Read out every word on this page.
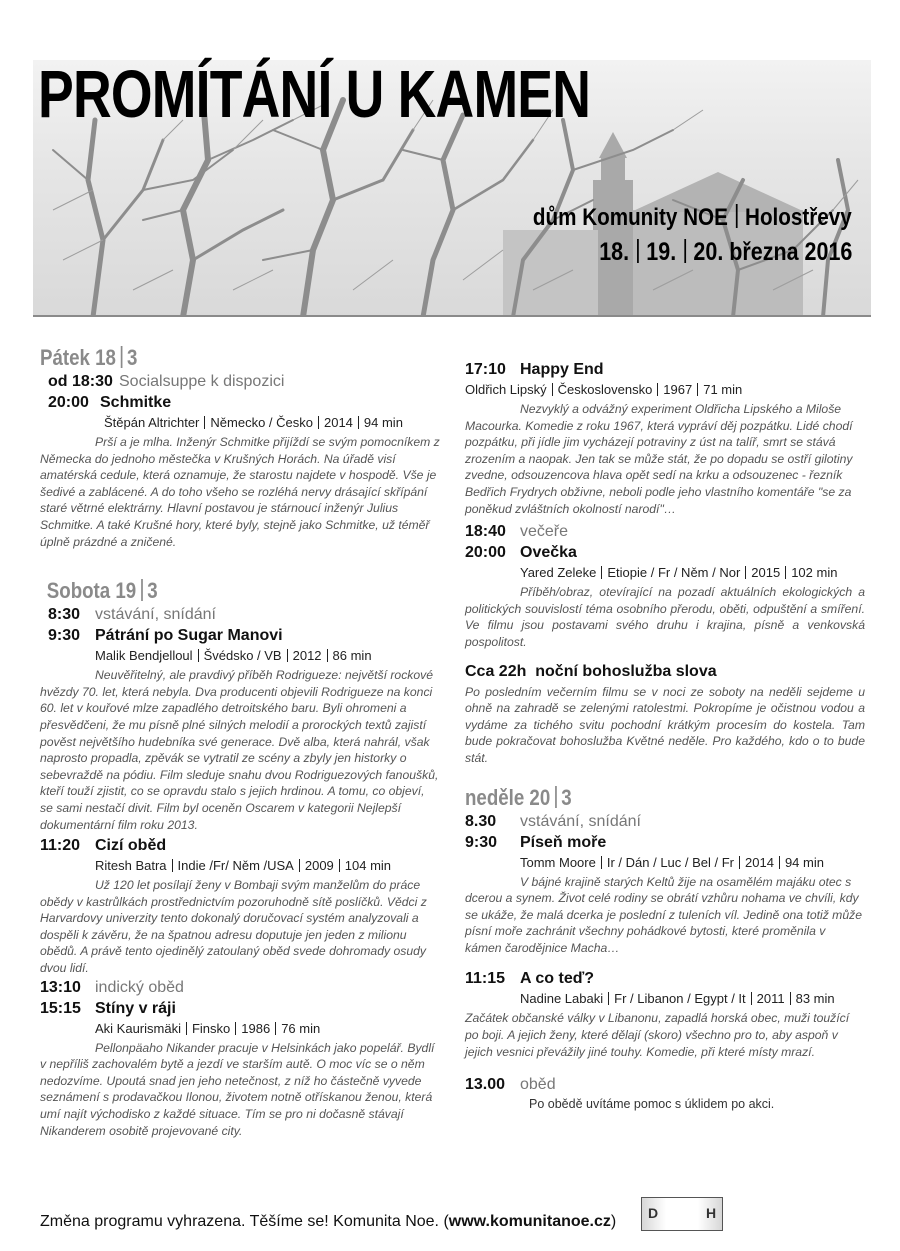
PROMÍTÁNÍ U KAMEN
dům Komunity NOE Holostřevy
18. 19. 20. března 2016
Pátek 18 3
od 18:30 Socialsuppe k dispozici
20:00 Schmitke
Štěpán Altrichter Německo / Česko 2014 94 min
Prší a je mlha. Inženýr Schmitke přijíždí se svým pomocníkem z Německa do jednoho městečka v Krušných Horách. Na úřadě visí amatérská cedule, která oznamuje, že starostu najdete v hospodě. Vše je šedivé a zablácené. A do toho všeho se rozléhá nervy drásající skřípání staré větrné elektrárny. Hlavní postavou je stárnoucí inženýr Julius Schmitke. A také Krušné hory, které byly, stejně jako Schmitke, už téměř úplně prázdné a zničené.
Sobota 19 3
8:30 vstávání, snídání
9:30 Pátrání po Sugar Manovi
Malik Bendjelloul Švédsko / VB 2012 86 min
Neuvěřitelný, ale pravdivý příběh Rodrigueze: největší rockové hvězdy 70. let, která nebyla. Dva producenti objevili Rodrigueze na konci 60. let v kouřové mlze zapadlého detroitského baru. Byli ohromeni a přesvědčeni, že mu písně plné silných melodií a prorockých textů zajistí pověst největšího hudebníka své generace. Dvě alba, která nahrál, však naprosto propadla, zpěvák se vytratil ze scény a zbyly jen historky o sebevraždě na pódiu. Film sleduje snahu dvou Rodriguezových fanoušků, kteří touží zjistit, co se opravdu stalo s jejich hrdinou. A tomu, co objeví, se sami nestačí divit. Film byl oceněn Oscarem v kategorii Nejlepší dokumentární film roku 2013.
11:20 Cizí oběd
Ritesh Batra Indie /Fr/ Něm /USA 2009 104 min
Už 120 let posílají ženy v Bombaji svým manželům do práce obědy v kastrůlkách prostřednictvím pozoruhodně sítě poslíčků. Vědci z Harvardovy univerzity tento dokonalý doručovací systém analyzovali a dospěli k závěru, že na špatnou adresu doputuje jen jeden z milionu obědů. A právě tento ojedinělý zatoulaný oběd svede dohromady osudy dvou lidí.
13:10 indický oběd
15:15 Stíny v ráji
Aki Kaurismäki Finsko 1986 76 min
Pellonpäaho Nikander pracuje v Helsinkách jako popelář. Bydlí v nepříliš zachovalém bytě a jezdí ve starším autě. O moc víc se o něm nedozvíme. Upoutá snad jen jeho netečnost, z níž ho částečně vyvede seznámení s prodavačkou Ilonou, životem notně otřískanou ženou, která umí najít východisko z každé situace. Tím se pro ni dočasně stávají Nikanderem osobitě projevované city.
17:10 Happy End
Oldřich Lipský Československo 1967 71 min
Nezvyklý a odvážný experiment Oldřicha Lipského a Miloše Macourka. Komedie z roku 1967, která vypráví děj pozpátku. Lidé chodí pozpátku, při jídle jim vycházejí potraviny z úst na talíř, smrt se stává zrozením a naopak. Jen tak se může stát, že po dopadu se ostří gilotiny zvedne, odsouzencova hlava opět sedí na krku a odsouzenec - řezník Bedřich Frydrych obživne, neboli podle jeho vlastního komentáře "se za poněkud zvláštních okolností narodí"…
18:40 večeře
20:00 Ovečka
Yared Zeleke Etiopie / Fr / Něm / Nor 2015 102 min
Příběh/obraz, otevírající na pozadí aktuálních ekologických a politických souvislostí téma osobního přerodu, oběti, odpuštění a smíření. Ve filmu jsou postavami svého druhu i krajina, písně a venkovská pospolitost.
Cca 22h  noční bohoslužba slova
Po posledním večerním filmu se v noci ze soboty na neděli sejdeme u ohně na zahradě se zelenými ratolestmi. Pokropíme je očistnou vodou a vydáme za tichého svitu pochodní krátkým procesím do kostela. Tam bude pokračovat bohoslužba Květné neděle. Pro každého, kdo o to bude stát.
neděle 20 3
8.30 vstávání, snídání
9:30 Píseň moře
Tomm Moore Ir / Dán / Luc / Bel / Fr 2014 94 min
V bájné krajině starých Keltů žije na osamělém majáku otec s dcerou a synem. Život celé rodiny se obrátí vzhůru nohama ve chvíli, kdy se ukáže, že malá dcerka je poslední z tuleních víl. Jedině ona totiž může písní moře zachránit všechny pohádkové bytosti, které proměnila v kámen čarodějnice Macha…
11:15 A co teď?
Nadine Labaki Fr / Libanon / Egypt / It 2011 83 min
Začátek občanské války v Libanonu, zapadlá horská obec, muži toužící po boji. A jejich ženy, které dělají (skoro) všechno pro to, aby aspoň v jejich vesnici převážily jiné touhy. Komedie, při které místy mrazí.
13.00 oběd
Po obědě uvítáme pomoc s úklidem po akci.
Změna programu vyhrazena. Těšíme se! Komunita Noe. (www.komunitanoe.cz) D	H
